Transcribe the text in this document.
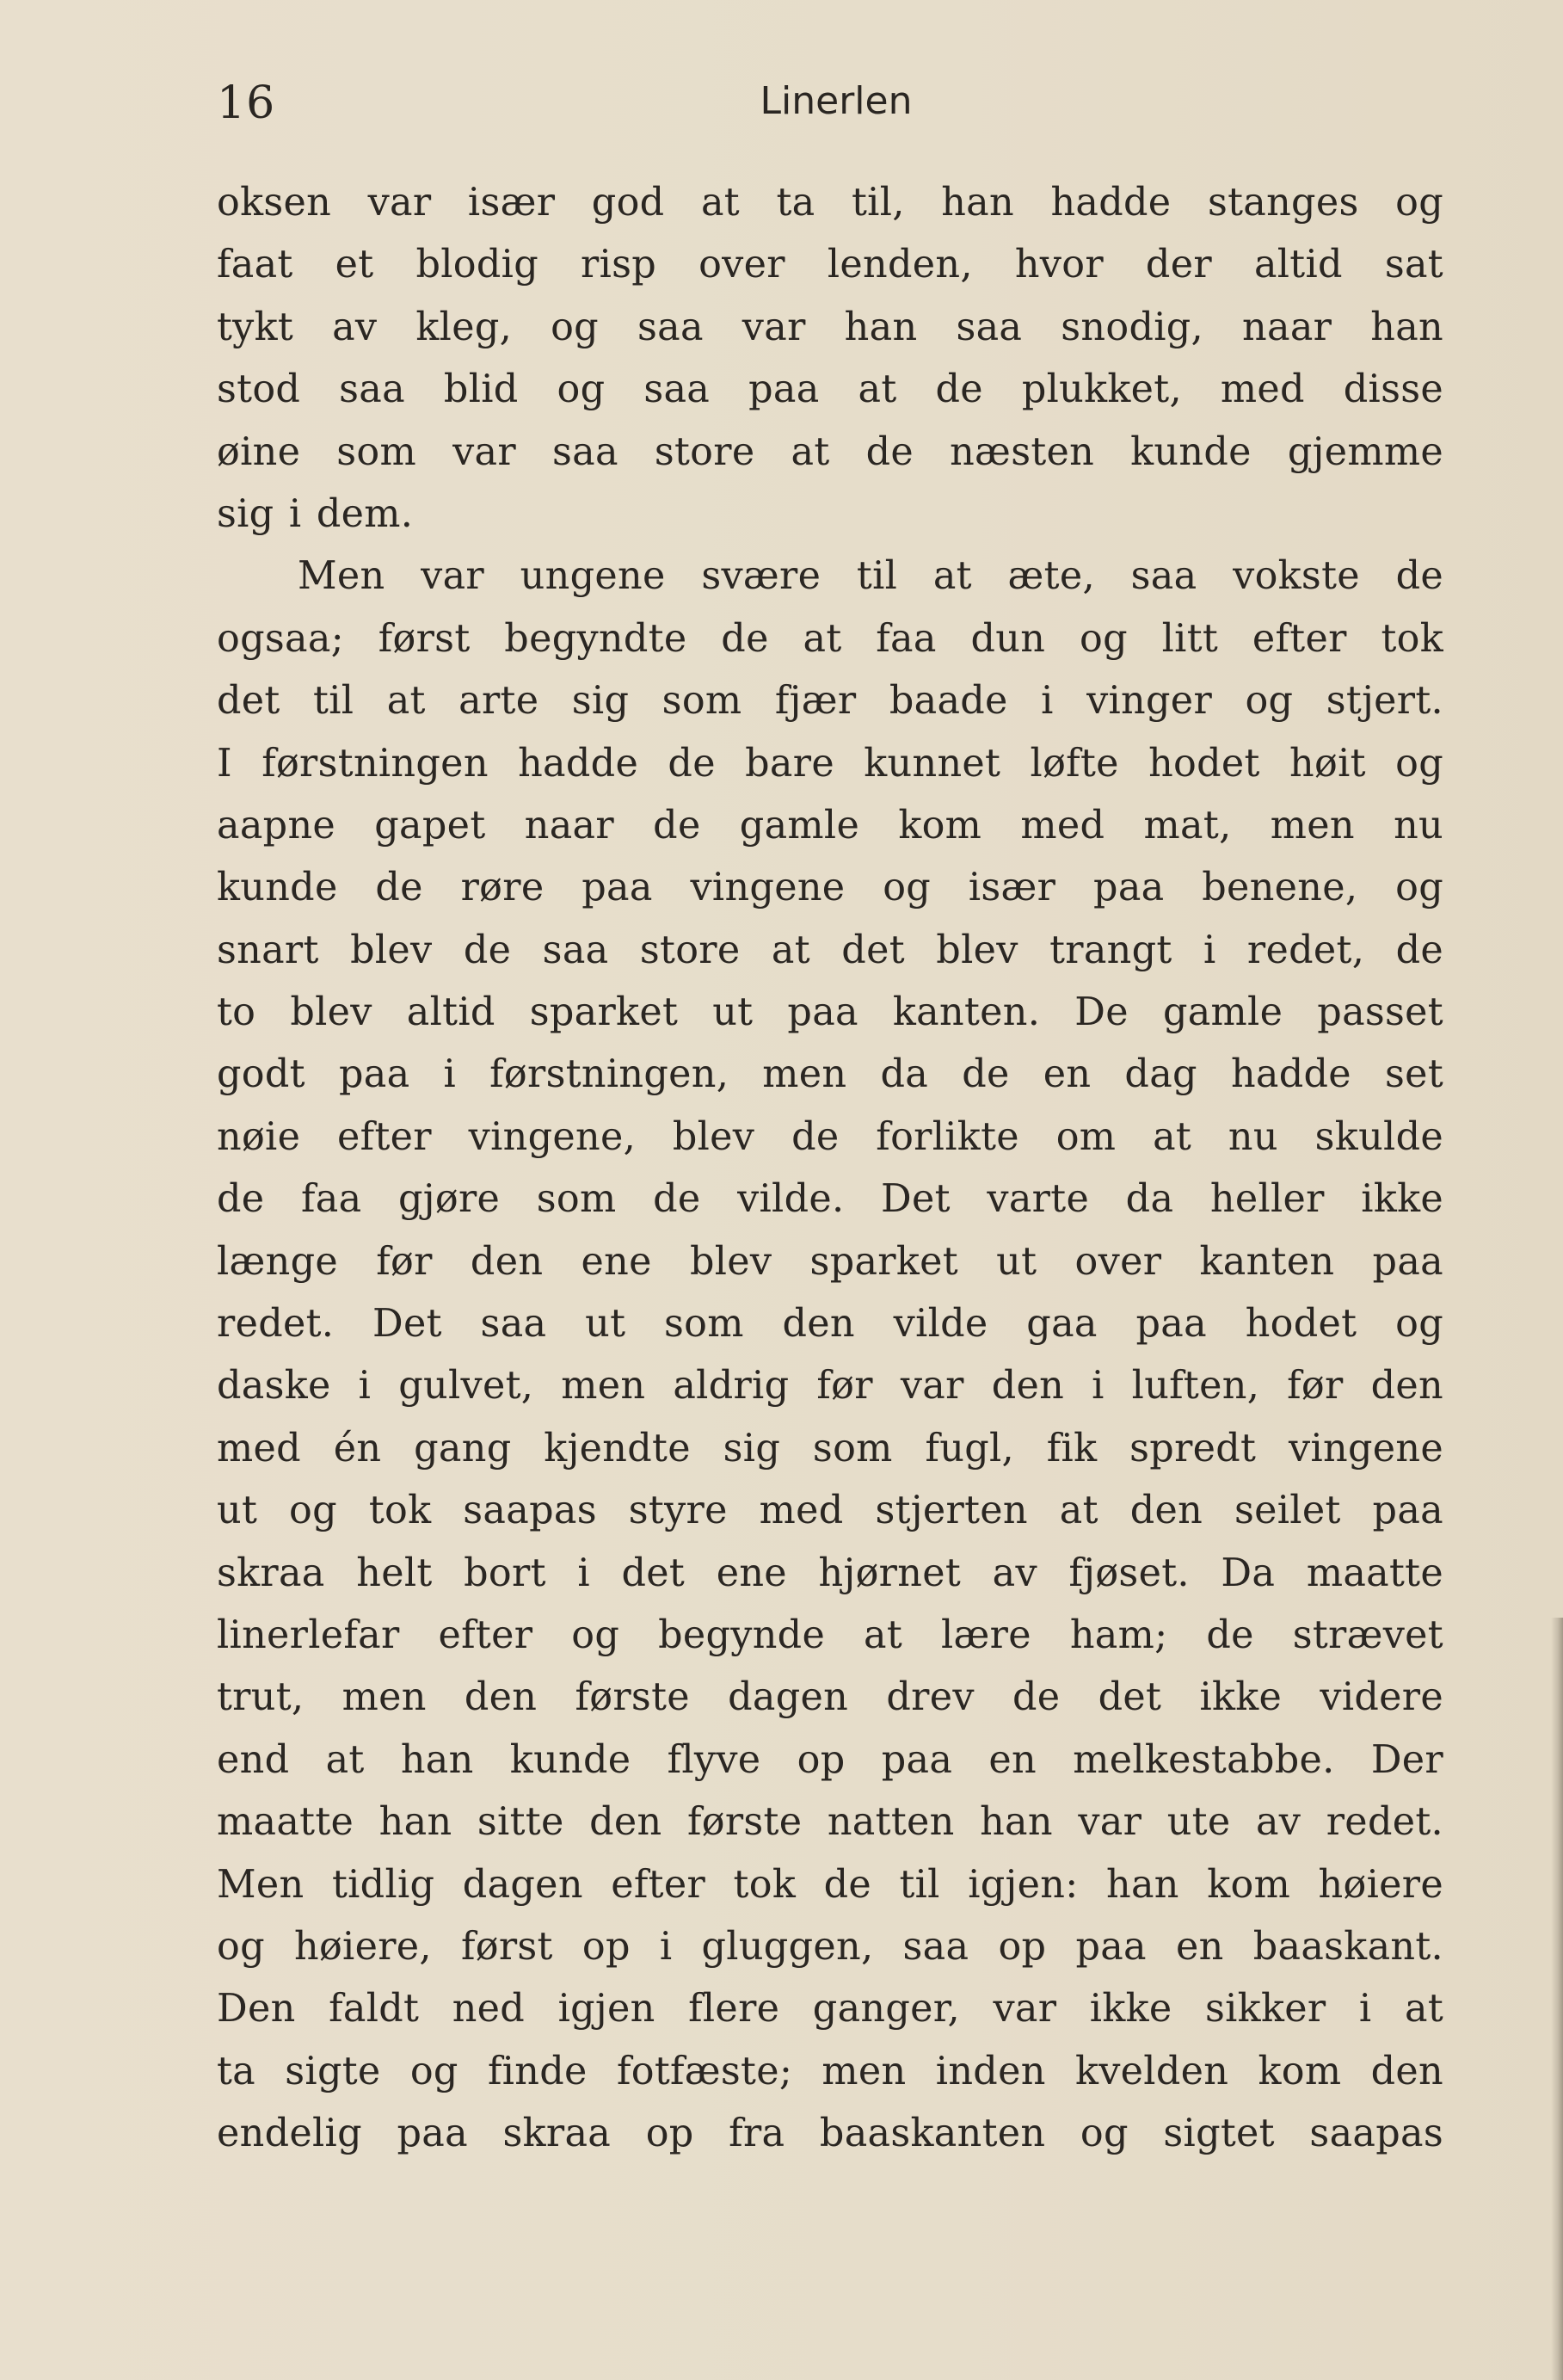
16	Linerlen
oksen var især god at ta til, han hadde stanges og
faat et blodig risp over lenden, hvor der altid sat
tykt av kleg, og saa var han saa snodig, naar han
stod saa blid og saa paa at de plukket, med disse
øine som var saa store at de næsten kunde gjemme
sig i dem.
Men var ungene svære til at æte, saa vokste de
ogsaa; først begyndte de at faa dun og litt efter tok
det til at arte sig som fjær baade i vinger og stjert.
I førstningen hadde de bare kunnet løfte hodet høit og
aapne gapet naar de gamle kom med mat, men nu
kunde de røre paa vingene og især paa benene, og
snart blev de saa store at det blev trangt i redet, de
to blev altid sparket ut paa kanten. De gamle passet
godt paa i førstningen, men da de en dag hadde set
nøie efter vingene, blev de forlikte om at nu skulde
de faa gjøre som de vilde. Det varte da heller ikke
længe før den ene blev sparket ut over kanten paa
redet. Det saa ut som den vilde gaa paa hodet og
daske i gulvet, men aldrig før var den i luften, før den
med én gang kjendte sig som fugl, fik spredt vingene
ut og tok saapas styre med stjerten at den seilet paa
skraa helt bort i det ene hjørnet av fjøset. Da maatte
linerlefar efter og begynde at lære ham; de strævet
trut, men den første dagen drev de det ikke videre
end at han kunde flyve op paa en melkestabbe. Der
maatte han sitte den første natten han var ute av redet.
Men tidlig dagen efter tok de til igjen: han kom høiere
og høiere, først op i gluggen, saa op paa en baaskant.
Den faldt ned igjen flere ganger, var ikke sikker i at
ta sigte og finde fotfæste; men inden kvelden kom den
endelig paa skraa op fra baaskanten og sigtet saapas
